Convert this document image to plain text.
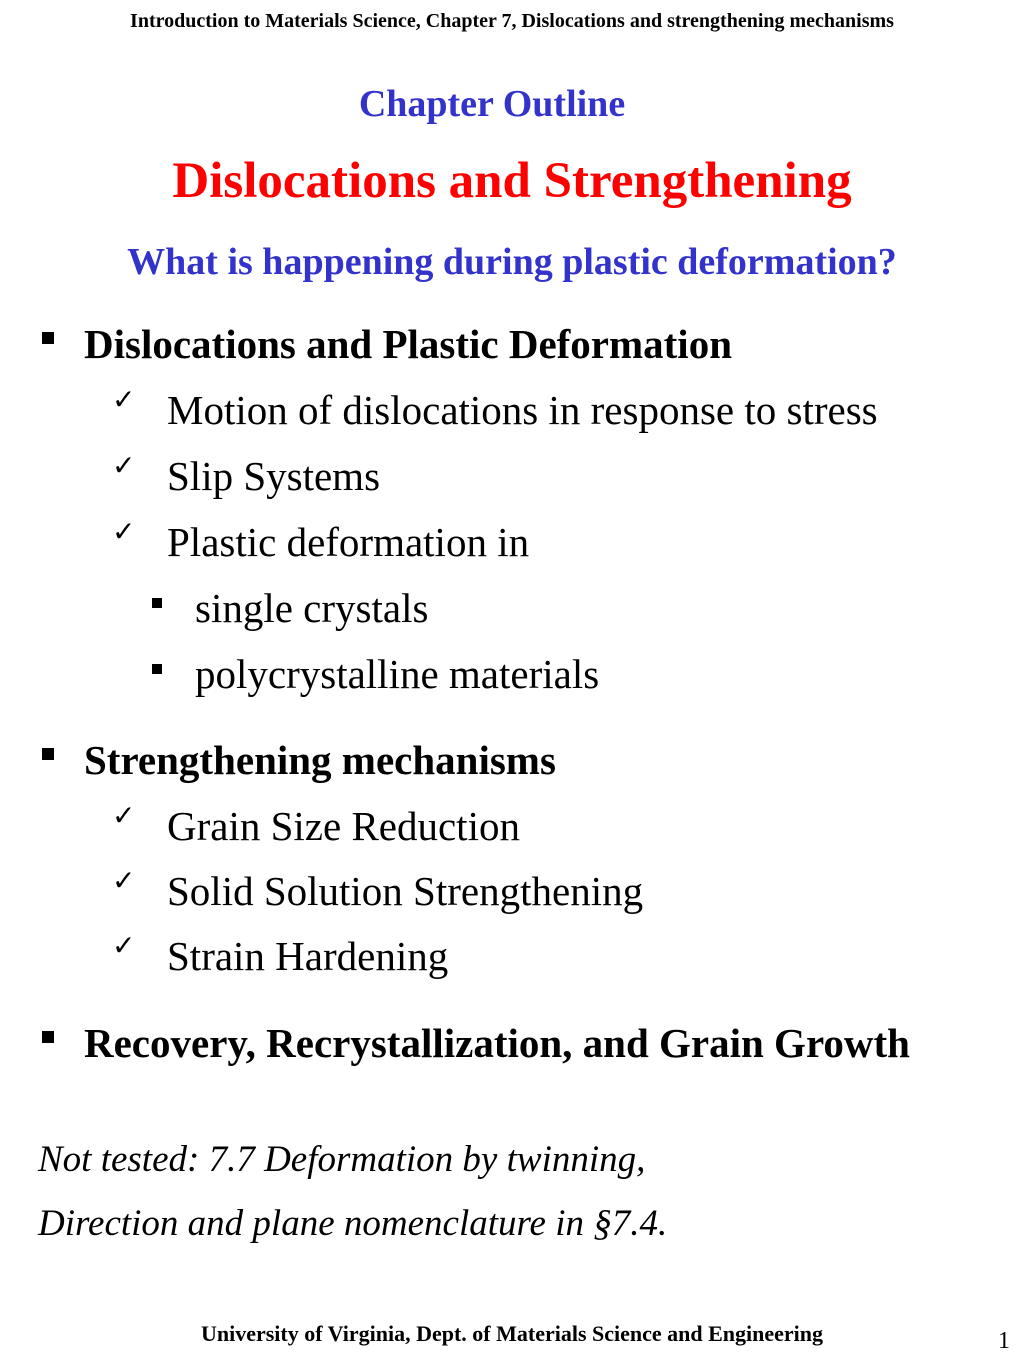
Introduction to Materials Science, Chapter 7, Dislocations and strengthening mechanisms
Chapter Outline
Dislocations and Strengthening
What is happening during plastic deformation?
Dislocations and Plastic Deformation
✓ Motion of dislocations in response to stress
✓ Slip Systems
✓ Plastic deformation in
single crystals
polycrystalline materials
Strengthening mechanisms
✓ Grain Size Reduction
✓ Solid Solution Strengthening
✓ Strain Hardening
Recovery, Recrystallization, and Grain Growth
Not tested: 7.7 Deformation by twinning,
Direction and plane nomenclature in §7.4.
University of Virginia, Dept. of Materials Science and Engineering	1
